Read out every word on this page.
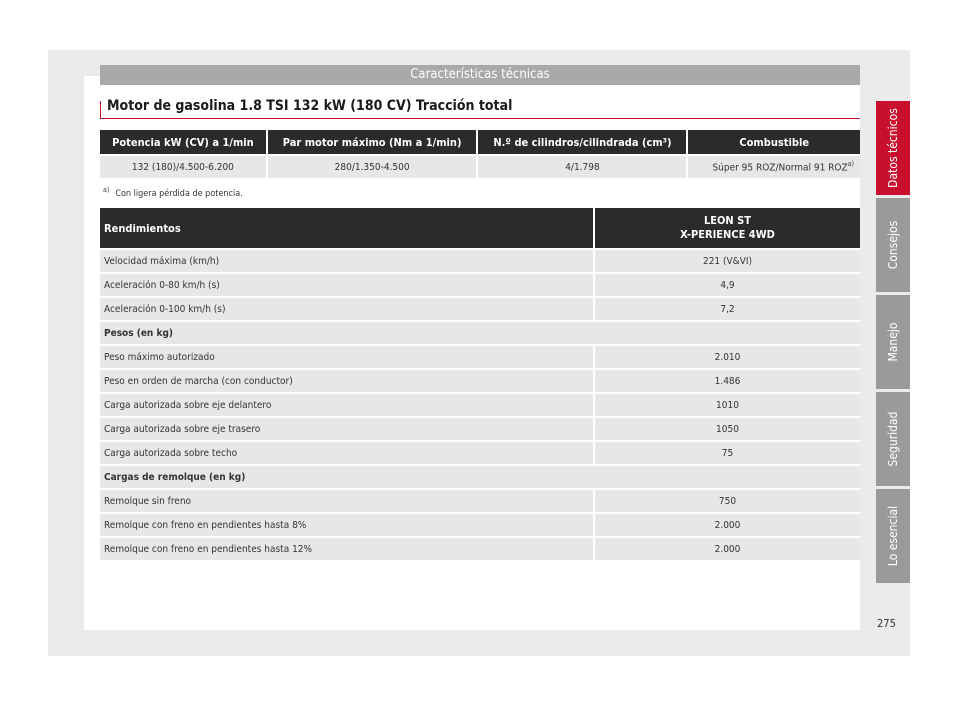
Características técnicas
Motor de gasolina 1.8 TSI 132 kW (180 CV) Tracción total
Potencia kW (CV) a 1/min	Par motor máximo (Nm a 1/min)	N.º de cilindros/cilindrada (cm³)	Combustible
132 (180)/4.500-6.200	280/1.350-4.500	4/1.798	Súper 95 ROZ/Normal 91 ROZ$^{a)}$
$^{a)}$ Con ligera pérdida de potencia.
Rendimientos	LEON ST
X-PERIENCE 4WD
Velocidad máxima (km/h)	221 (V&VI)
Aceleración 0-80 km/h (s)	4,9
Aceleración 0-100 km/h (s)	7,2
Pesos (en kg)	
Peso máximo autorizado	2.010
Peso en orden de marcha (con conductor)	1.486
Carga autorizada sobre eje delantero	1010
Carga autorizada sobre eje trasero	1050
Carga autorizada sobre techo	75
Cargas de remolque (en kg)	
Remolque sin freno	750
Remolque con freno en pendientes hasta 8%	2.000
Remolque con freno en pendientes hasta 12%	2.000
Datos técnicos
Consejos
Manejo
Seguridad
Lo esencial
275
